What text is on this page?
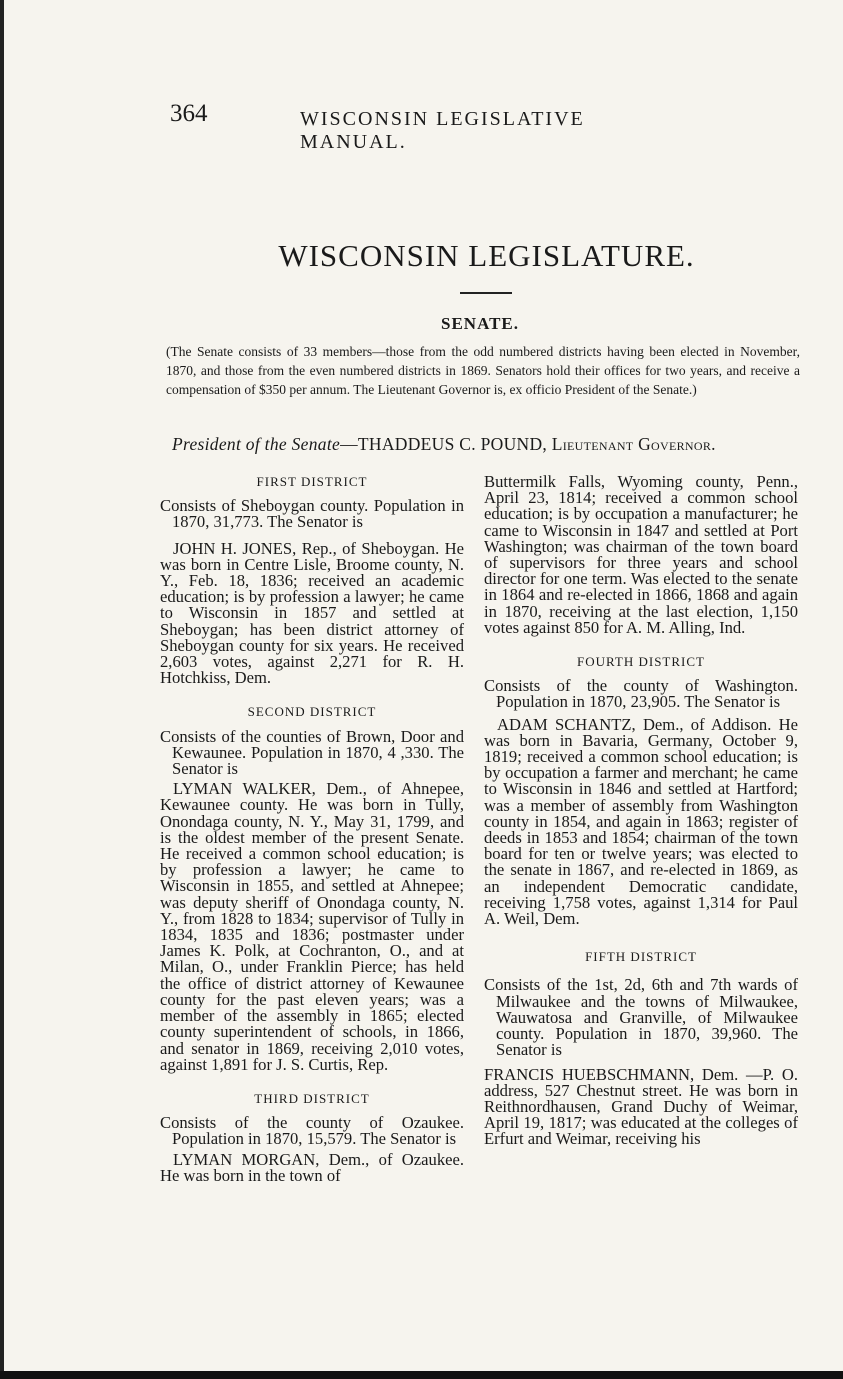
364	WISCONSIN LEGISLATIVE MANUAL.
WISCONSIN LEGISLATURE.
SENATE.

(The Senate consists of 33 members—those from the odd numbered districts having been elected in November, 1870, and those from the even numbered districts in 1869. Senators hold their offices for two years, and receive a compensation of $350 per annum. The Lieutenant Governor is, ex officio President of the Senate.)

President of the Senate—THADDEUS C. POUND, Lieutenant Governor.
FIRST DISTRICT

Consists of Sheboygan county. Population in 1870, 31,773. The Senator is

JOHN H. JONES, Rep., of Sheboygan. He was born in Centre Lisle, Broome county, N. Y., Feb. 18, 1836; received an academic education; is by profession a lawyer; he came to Wisconsin in 1857 and settled at Sheboygan; has been district attorney of Sheboygan county for six years. He received 2,603 votes, against 2,271 for R. H. Hotchkiss, Dem.

SECOND DISTRICT

Consists of the counties of Brown, Door and Kewaunee. Population in 1870, 4 ,330. The Senator is

LYMAN WALKER, Dem., of Ahnepee, Kewaunee county. He was born in Tully, Onondaga county, N. Y., May 31, 1799, and is the oldest member of the present Senate. He received a common school education; is by profession a lawyer; he came to Wisconsin in 1855, and settled at Ahnepee; was deputy sheriff of Onondaga county, N. Y., from 1828 to 1834; supervisor of Tully in 1834, 1835 and 1836; postmaster under James K. Polk, at Cochranton, O., and at Milan, O., under Franklin Pierce; has held the office of district attorney of Kewaunee county for the past eleven years; was a member of the assembly in 1865; elected county superintendent of schools, in 1866, and senator in 1869, receiving 2,010 votes, against 1,891 for J. S. Curtis, Rep.

THIRD DISTRICT

Consists of the county of Ozaukee. Population in 1870, 15,579. The Senator is

LYMAN MORGAN, Dem., of Ozaukee. He was born in the town of

Buttermilk Falls, Wyoming county, Penn., April 23, 1814; received a common school education; is by occupation a manufacturer; he came to Wisconsin in 1847 and settled at Port Washington; was chairman of the town board of supervisors for three years and school director for one term. Was elected to the senate in 1864 and re-elected in 1866, 1868 and again in 1870, receiving at the last election, 1,150 votes against 850 for A. M. Alling, Ind.

FOURTH DISTRICT

Consists of the county of Washington. Population in 1870, 23,905. The Senator is

ADAM SCHANTZ, Dem., of Addison. He was born in Bavaria, Germany, October 9, 1819; received a common school education; is by occupation a farmer and merchant; he came to Wisconsin in 1846 and settled at Hartford; was a member of assembly from Washington county in 1854, and again in 1863; register of deeds in 1853 and 1854; chairman of the town board for ten or twelve years; was elected to the senate in 1867, and re-elected in 1869, as an independent Democratic candidate, receiving 1,758 votes, against 1,314 for Paul A. Weil, Dem.

FIFTH DISTRICT

Consists of the 1st, 2d, 6th and 7th wards of Milwaukee and the towns of Milwaukee, Wauwatosa and Granville, of Milwaukee county. Population in 1870, 39,960. The Senator is

FRANCIS HUEBSCHMANN, Dem. —P. O. address, 527 Chestnut street. He was born in Reithnordhausen, Grand Duchy of Weimar, April 19, 1817; was educated at the colleges of Erfurt and Weimar, receiving his
